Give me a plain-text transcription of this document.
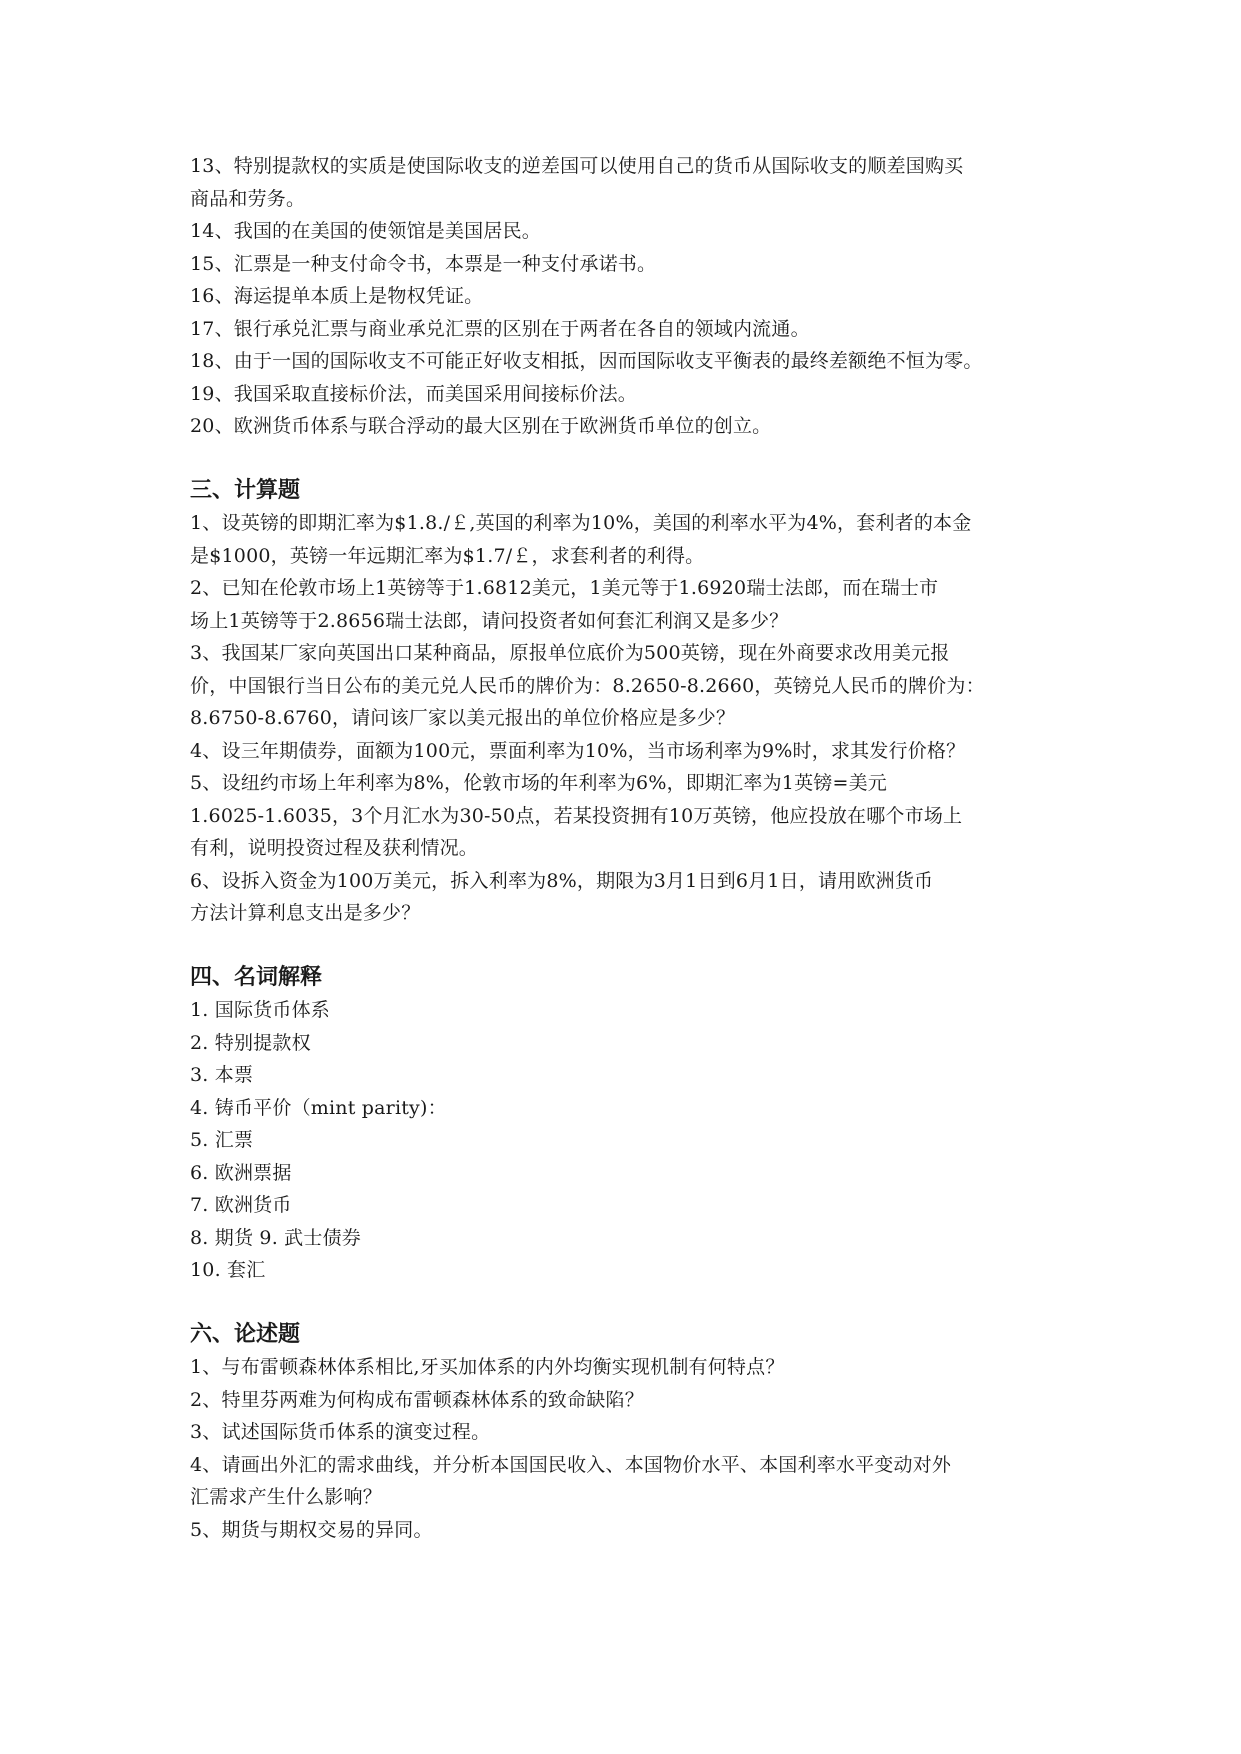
13、特别提款权的实质是使国际收支的逆差国可以使用自己的货币从国际收支的顺差国购买
商品和劳务。
14、我国的在美国的使领馆是美国居民。
15、汇票是一种支付命令书，本票是一种支付承诺书。
16、海运提单本质上是物权凭证。
17、银行承兑汇票与商业承兑汇票的区别在于两者在各自的领域内流通。
18、由于一国的国际收支不可能正好收支相抵，因而国际收支平衡表的最终差额绝不恒为零。
19、我国采取直接标价法，而美国采用间接标价法。
20、欧洲货币体系与联合浮动的最大区别在于欧洲货币单位的创立。
三、计算题
1、设英镑的即期汇率为$1.8./￡,英国的利率为10%，美国的利率水平为4%，套利者的本金
是$1000，英镑一年远期汇率为$1.7/￡，求套利者的利得。
2、已知在伦敦市场上1英镑等于1.6812美元，1美元等于1.6920瑞士法郎，而在瑞士市
场上1英镑等于2.8656瑞士法郎，请问投资者如何套汇利润又是多少？
3、我国某厂家向英国出口某种商品，原报单位底价为500英镑，现在外商要求改用美元报
价，中国银行当日公布的美元兑人民币的牌价为：8.2650-8.2660，英镑兑人民币的牌价为：
8.6750-8.6760，请问该厂家以美元报出的单位价格应是多少？
4、设三年期债券，面额为100元，票面利率为10%，当市场利率为9%时，求其发行价格？
5、设纽约市场上年利率为8%，伦敦市场的年利率为6%，即期汇率为1英镑=美元
1.6025-1.6035，3个月汇水为30-50点，若某投资拥有10万英镑，他应投放在哪个市场上
有利，说明投资过程及获利情况。
6、设拆入资金为100万美元，拆入利率为8%，期限为3月1日到6月1日，请用欧洲货币
方法计算利息支出是多少？
四、名词解释
1. 国际货币体系
2. 特别提款权
3. 本票
4. 铸币平价（mint parity)：
5. 汇票
6. 欧洲票据
7. 欧洲货币
8. 期货 9. 武士债券
10. 套汇
六、论述题
1、与布雷顿森林体系相比,牙买加体系的内外均衡实现机制有何特点？
2、特里芬两难为何构成布雷顿森林体系的致命缺陷？
3、试述国际货币体系的演变过程。
4、请画出外汇的需求曲线，并分析本国国民收入、本国物价水平、本国利率水平变动对外
汇需求产生什么影响？
5、期货与期权交易的异同。
